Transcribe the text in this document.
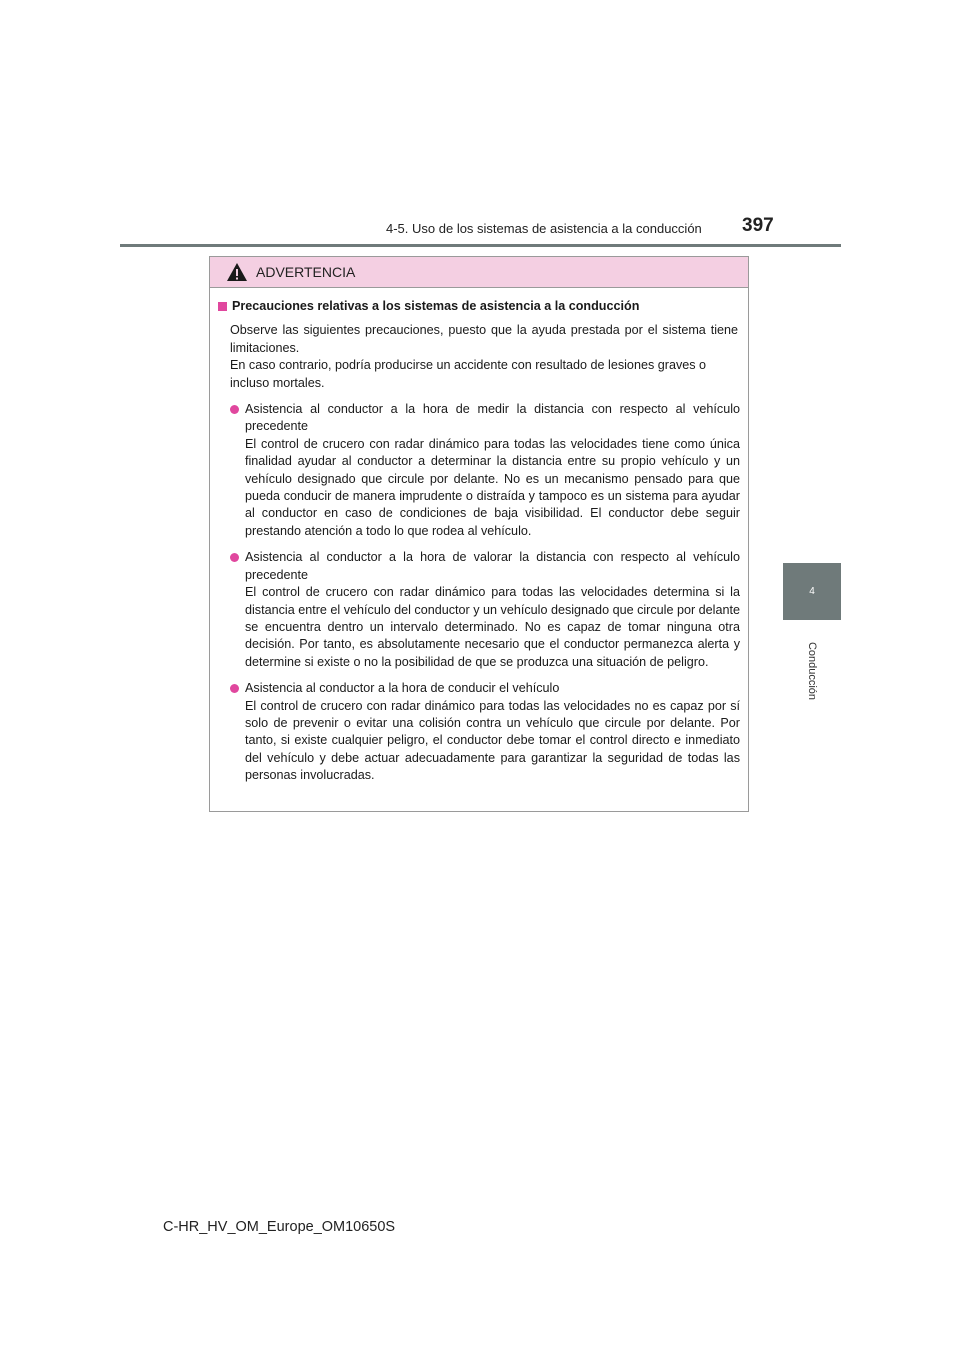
4-5. Uso de los sistemas de asistencia a la conducción 397
4
Conducción
ADVERTENCIA
Precauciones relativas a los sistemas de asistencia a la conducción

Observe las siguientes precauciones, puesto que la ayuda prestada por el sistema tiene limitaciones.

En caso contrario, podría producirse un accidente con resultado de lesiones graves o incluso mortales.

Asistencia al conductor a la hora de medir la distancia con respecto al vehículo precedente

El control de crucero con radar dinámico para todas las velocidades tiene como única finalidad ayudar al conductor a determinar la distancia entre su propio vehículo y un vehículo designado que circule por delante. No es un mecanismo pensado para que pueda conducir de manera imprudente o distraída y tampoco es un sistema para ayudar al conductor en caso de condiciones de baja visibilidad. El conductor debe seguir prestando atención a todo lo que rodea al vehículo.

Asistencia al conductor a la hora de valorar la distancia con respecto al vehículo precedente

El control de crucero con radar dinámico para todas las velocidades determina si la distancia entre el vehículo del conductor y un vehículo designado que circule por delante se encuentra dentro un intervalo determinado. No es capaz de tomar ninguna otra decisión. Por tanto, es absolutamente necesario que el conductor permanezca alerta y determine si existe o no la posibilidad de que se produzca una situación de peligro.

Asistencia al conductor a la hora de conducir el vehículo

El control de crucero con radar dinámico para todas las velocidades no es capaz por sí solo de prevenir o evitar una colisión contra un vehículo que circule por delante. Por tanto, si existe cualquier peligro, el conductor debe tomar el control directo e inmediato del vehículo y debe actuar adecuadamente para garantizar la seguridad de todas las personas involucradas.

C-HR_HV_OM_Europe_OM10650S
